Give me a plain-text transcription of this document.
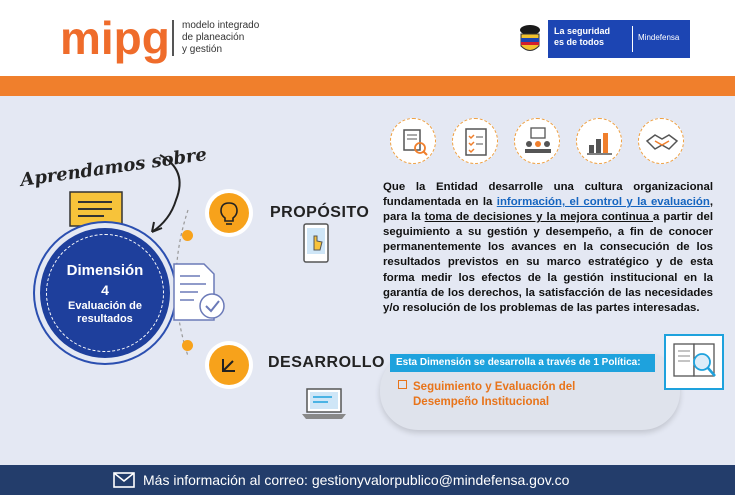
mipg modelo integrado
de planeación
y gestión
La seguridad
es de todos	Mindefensa
Aprendamos sobre
Dimensión
4
Evaluación de
resultados
PROPÓSITO
DESARROLLO
Que la Entidad desarrolle una cultura organizacional fundamentada en la información, el control y la evaluación, para la toma de decisiones y la mejora continua a partir del seguimiento a su gestión y desempeño, a fin de conocer permanentemente los avances en la consecución de los resultados previstos en su marco estratégico y de esta forma medir los efectos de la gestión institucional en la garantía de los derechos, la satisfacción de las necesidades y/o resolución de los problemas de las partes interesadas.
Esta Dimensión se desarrolla a través de 1 Política:
Seguimiento y Evaluación del
Desempeño Institucional
Más información al correo: gestionyvalorpublico@mindefensa.gov.co
